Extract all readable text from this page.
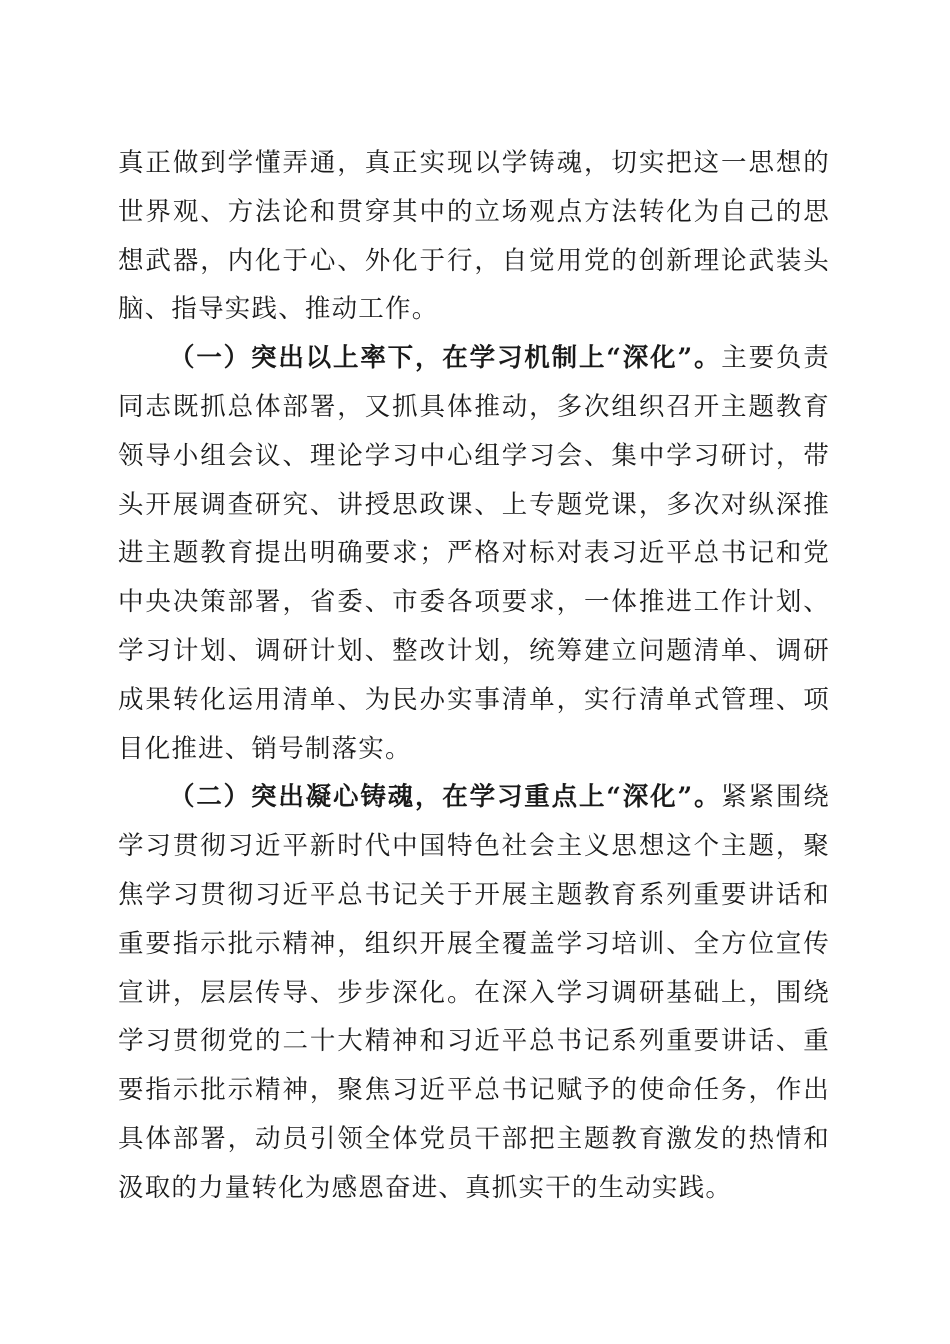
真正做到学懂弄通，真正实现以学铸魂，切实把这一思想的世界观、方法论和贯穿其中的立场观点方法转化为自己的思想武器，内化于心、外化于行，自觉用党的创新理论武装头脑、指导实践、推动工作。

（一）突出以上率下，在学习机制上“深化”。主要负责同志既抓总体部署，又抓具体推动，多次组织召开主题教育领导小组会议、理论学习中心组学习会、集中学习研讨，带头开展调查研究、讲授思政课、上专题党课，多次对纵深推进主题教育提出明确要求；严格对标对表习近平总书记和党中央决策部署，省委、市委各项要求，一体推进工作计划、学习计划、调研计划、整改计划，统筹建立问题清单、调研成果转化运用清单、为民办实事清单，实行清单式管理、项目化推进、销号制落实。

（二）突出凝心铸魂，在学习重点上“深化”。紧紧围绕学习贯彻习近平新时代中国特色社会主义思想这个主题，聚焦学习贯彻习近平总书记关于开展主题教育系列重要讲话和重要指示批示精神，组织开展全覆盖学习培训、全方位宣传宣讲，层层传导、步步深化。在深入学习调研基础上，围绕学习贯彻党的二十大精神和习近平总书记系列重要讲话、重要指示批示精神，聚焦习近平总书记赋予的使命任务，作出具体部署，动员引领全体党员干部把主题教育激发的热情和汲取的力量转化为感恩奋进、真抓实干的生动实践。
